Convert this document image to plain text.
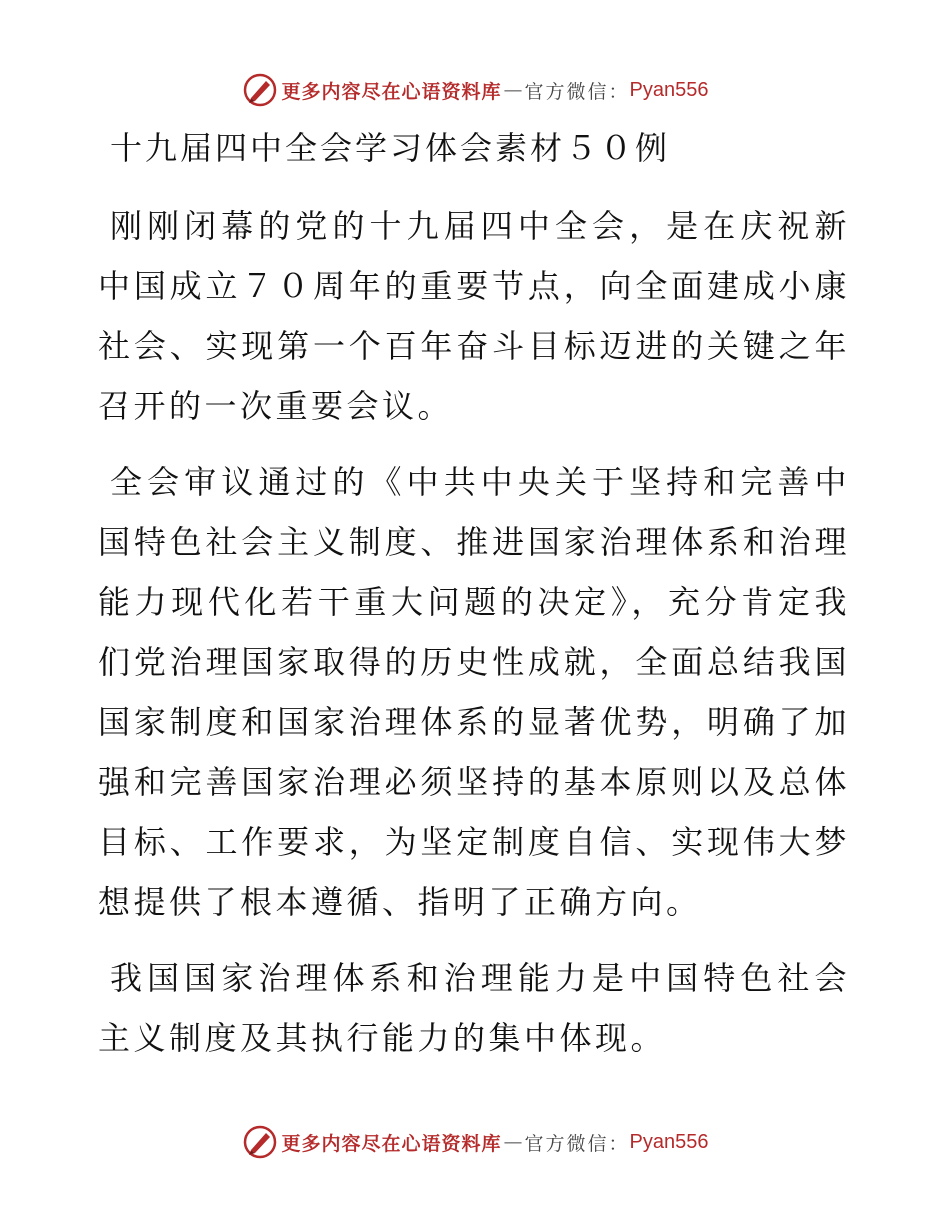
更多内容尽在心语资料库 — 官方微信： Pyan556
十九届四中全会学习体会素材５０例

刚刚闭幕的党的十九届四中全会，是在庆祝新中国成立７０周年的重要节点，向全面建成小康社会、实现第一个百年奋斗目标迈进的关键之年召开的一次重要会议。

全会审议通过的《中共中央关于坚持和完善中国特色社会主义制度、推进国家治理体系和治理能力现代化若干重大问题的决定》，充分肯定我们党治理国家取得的历史性成就，全面总结我国国家制度和国家治理体系的显著优势，明确了加强和完善国家治理必须坚持的基本原则以及总体目标、工作要求，为坚定制度自信、实现伟大梦想提供了根本遵循、指明了正确方向。

我国国家治理体系和治理能力是中国特色社会主义制度及其执行能力的集中体现。

更多内容尽在心语资料库 — 官方微信： Pyan556
